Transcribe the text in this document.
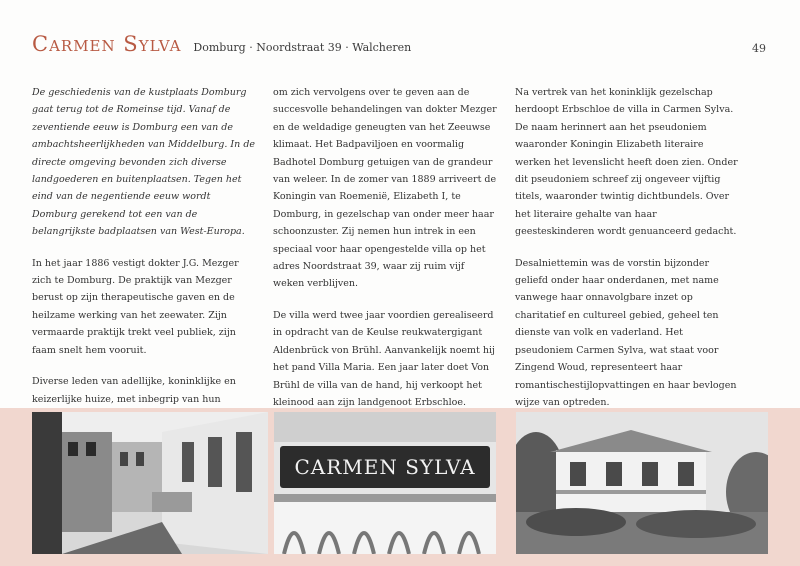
Carmen Sylva Domburg · Noordstraat 39 · Walcheren	49

De geschiedenis van de kustplaats Domburg gaat terug tot de Romeinse tijd. Vanaf de zeventiende eeuw is Domburg een van de ambachtsheerlijkheden van Middelburg. In de directe omgeving bevonden zich diverse landgoederen en buitenplaatsen. Tegen het eind van de negentiende eeuw wordt Domburg gerekend tot een van de belangrijkste badplaatsen van West-Europa.

In het jaar 1886 vestigt dokter J.G. Mezger zich te Domburg. De praktijk van Mezger berust op zijn therapeutische gaven en de heilzame werking van het zeewater. Zijn vermaarde praktijk trekt veel publiek, zijn faam snelt hem vooruit.

Diverse leden van adellijke, koninklijke en keizerlijke huize, met inbegrip van hun

om zich vervolgens over te geven aan de succesvolle behandelingen van dokter Mezger en de weldadige geneugten van het Zeeuwse klimaat. Het Badpaviljoen en voormalig Badhotel Domburg getuigen van de grandeur van weleer. In de zomer van 1889 arriveert de Koningin van Roemenië, Elizabeth I, te Domburg, in gezelschap van onder meer haar schoonzuster. Zij nemen hun intrek in een speciaal voor haar opengestelde villa op het adres Noordstraat 39, waar zij ruim vijf weken verblijven.

De villa werd twee jaar voordien gerealiseerd in opdracht van de Keulse reukwatergigant Aldenbrück von Brühl. Aanvankelijk noemt hij het pand Villa Maria. Een jaar later doet Von Brühl de villa van de hand, hij verkoopt het kleinood aan zijn landgenoot Erbschloe.

Na vertrek van het koninklijk gezelschap herdoopt Erbschloe de villa in Carmen Sylva. De naam herinnert aan het pseudoniem waaronder Koningin Elizabeth literaire werken het levenslicht heeft doen zien. Onder dit pseudoniem schreef zij ongeveer vijftig titels, waaronder twintig dichtbundels. Over het literaire gehalte van haar geesteskinderen wordt genuanceerd gedacht.

Desalniettemin was de vorstin bijzonder geliefd onder haar onderdanen, met name vanwege haar onnavolgbare inzet op charitatief en cultureel gebied, geheel ten dienste van volk en vaderland. Het pseudoniem Carmen Sylva, wat staat voor Zingend Woud, representeert haar romantischestijlopvattingen en haar bevlogen wijze van optreden.

CARMEN SYLVA
